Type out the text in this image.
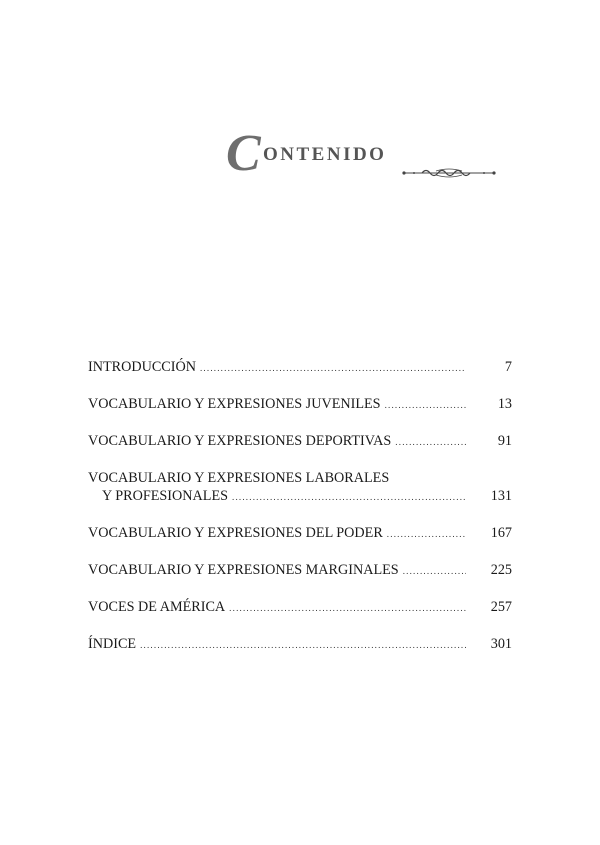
C ONTENIDO
INTRODUCCIÓN .....	7
VOCABULARIO Y EXPRESIONES JUVENILES .....	13
VOCABULARIO Y EXPRESIONES DEPORTIVAS .....	91
VOCABULARIO Y EXPRESIONES LABORALES
Y PROFESIONALES .....	131
VOCABULARIO Y EXPRESIONES DEL PODER .....	167
VOCABULARIO Y EXPRESIONES MARGINALES .....	225
VOCES DE AMÉRICA .....	257
ÍNDICE .....	301
